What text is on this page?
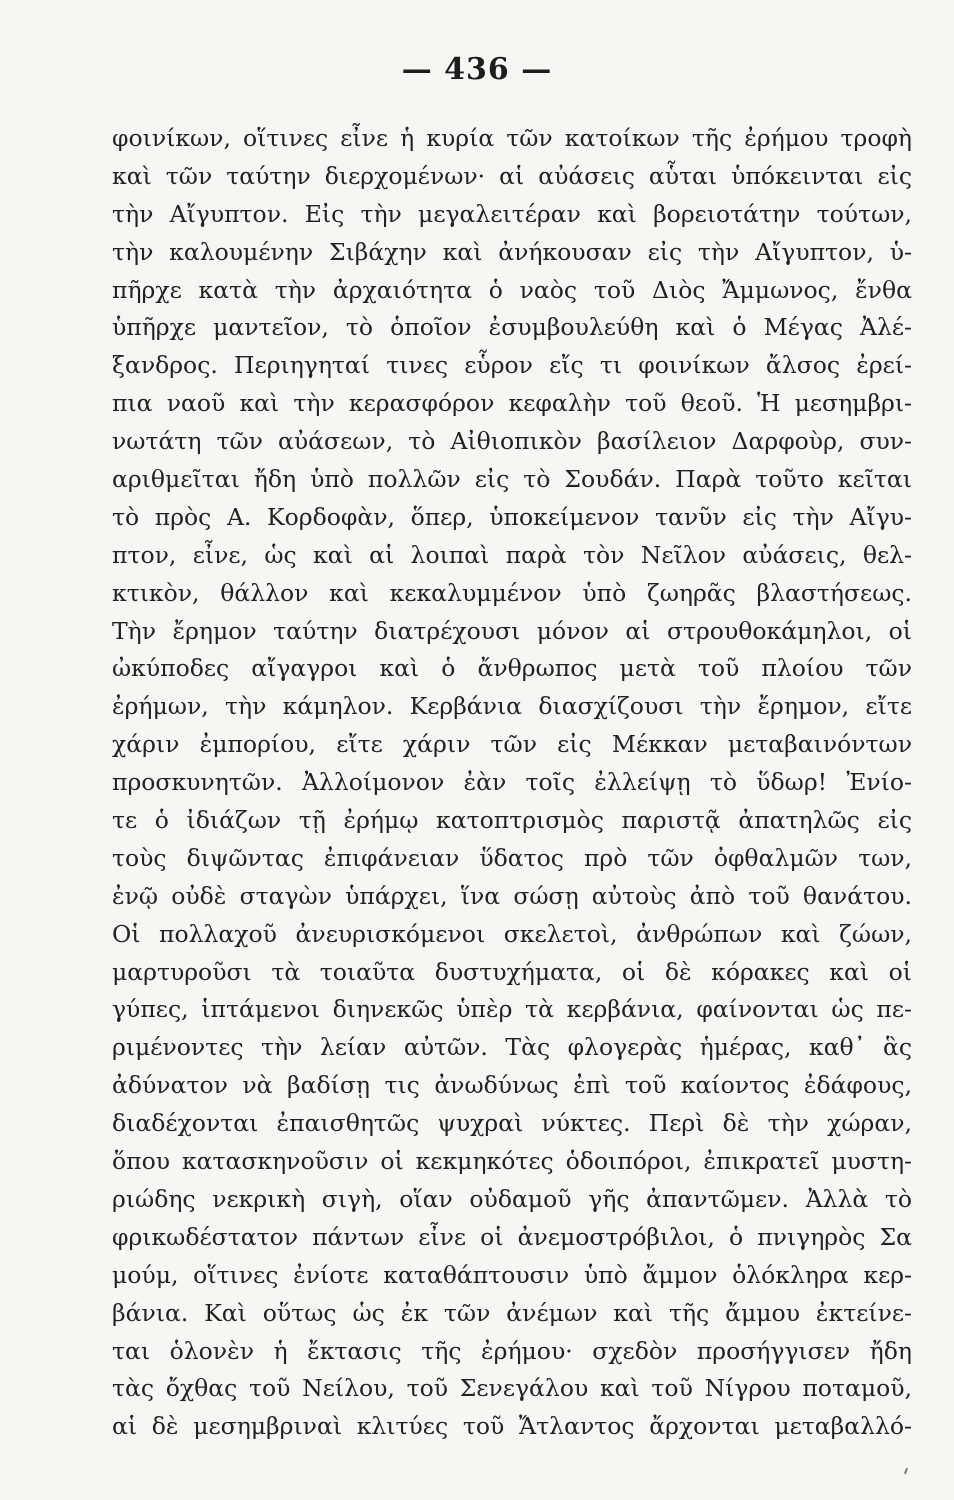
— 436 —
φοινίκων, οἵτινες εἶνε ἡ κυρία τῶν κατοίκων τῆς ἐρήμου τροφὴ
καὶ τῶν ταύτην διερχομένων· αἱ αὐάσεις αὗται ὑπόκεινται εἰς
τὴν Αἴγυπτον. Εἰς τὴν μεγαλειτέραν καὶ βορειοτάτην τούτων,
τὴν καλουμένην Σιβάχην καὶ ἀνήκουσαν εἰς τὴν Αἴγυπτον, ὑ-
πῆρχε κατὰ τὴν ἀρχαιότητα ὁ ναὸς τοῦ Διὸς Ἄμμωνος, ἔνθα
ὑπῆρχε μαντεῖον, τὸ ὁποῖον ἐσυμβουλεύθη καὶ ὁ Μέγας Ἀλέ-
ξανδρος. Περιηγηταί τινες εὗρον εἴς τι φοινίκων ἄλσος ἐρεί-
πια ναοῦ καὶ τὴν κερασφόρον κεφαλὴν τοῦ θεοῦ. Ἡ μεσημβρι-
νωτάτη τῶν αὐάσεων, τὸ Αἰθιοπικὸν βασίλειον Δαρφοὺρ, συν-
αριθμεῖται ἤδη ὑπὸ πολλῶν εἰς τὸ Σουδάν. Παρὰ τοῦτο κεῖται
τὸ πρὸς Α. Κορδοφὰν, ὅπερ, ὑποκείμενον τανῦν εἰς τὴν Αἴγυ-
πτον, εἶνε, ὡς καὶ αἱ λοιπαὶ παρὰ τὸν Νεῖλον αὐάσεις, θελ-
κτικὸν, θάλλον καὶ κεκαλυμμένον ὑπὸ ζωηρᾶς βλαστήσεως.
Τὴν ἔρημον ταύτην διατρέχουσι μόνον αἱ στρουθοκάμηλοι, οἱ
ὠκύποδες αἴγαγροι καὶ ὁ ἄνθρωπος μετὰ τοῦ πλοίου τῶν
ἐρήμων, τὴν κάμηλον. Κερβάνια διασχίζουσι τὴν ἔρημον, εἴτε
χάριν ἐμπορίου, εἴτε χάριν τῶν εἰς Μέκκαν μεταβαινόντων
προσκυνητῶν. Ἀλλοίμονον ἐὰν τοῖς ἐλλείψῃ τὸ ὕδωρ! Ἐνίο-
τε ὁ ἰδιάζων τῇ ἐρήμῳ κατοπτρισμὸς παριστᾷ ἀπατηλῶς εἰς
τοὺς διψῶντας ἐπιφάνειαν ὕδατος πρὸ τῶν ὀφθαλμῶν των,
ἐνῷ οὐδὲ σταγὼν ὑπάρχει, ἵνα σώσῃ αὐτοὺς ἀπὸ τοῦ θανάτου.
Οἱ πολλαχοῦ ἀνευρισκόμενοι σκελετοὶ, ἀνθρώπων καὶ ζώων,
μαρτυροῦσι τὰ τοιαῦτα δυστυχήματα, οἱ δὲ κόρακες καὶ οἱ
γύπες, ἱπτάμενοι διηνεκῶς ὑπὲρ τὰ κερβάνια, φαίνονται ὡς πε-
ριμένοντες τὴν λείαν αὐτῶν. Τὰς φλογερὰς ἡμέρας, καθ᾽ ἃς
ἀδύνατον νὰ βαδίσῃ τις ἀνωδύνως ἐπὶ τοῦ καίοντος ἐδάφους,
διαδέχονται ἐπαισθητῶς ψυχραὶ νύκτες. Περὶ δὲ τὴν χώραν,
ὅπου κατασκηνοῦσιν οἱ κεκμηκότες ὁδοιπόροι, ἐπικρατεῖ μυστη-
ριώδης νεκρικὴ σιγὴ, οἵαν οὐδαμοῦ γῆς ἀπαντῶμεν. Ἀλλὰ τὸ
φρικωδέστατον πάντων εἶνε οἱ ἀνεμοστρόβιλοι, ὁ πνιγηρὸς Σα
μούμ, οἵτινες ἐνίοτε καταθάπτουσιν ὑπὸ ἄμμον ὁλόκληρα κερ-
βάνια. Καὶ οὕτως ὡς ἐκ τῶν ἀνέμων καὶ τῆς ἄμμου ἐκτείνε-
ται ὁλονὲν ἡ ἔκτασις τῆς ἐρήμου· σχεδὸν προσήγγισεν ἤδη
τὰς ὄχθας τοῦ Νείλου, τοῦ Σενεγάλου καὶ τοῦ Νίγρου ποταμοῦ,
αἱ δὲ μεσημβριναὶ κλιτύες τοῦ Ἄτλαντος ἄρχονται μεταβαλλό-
